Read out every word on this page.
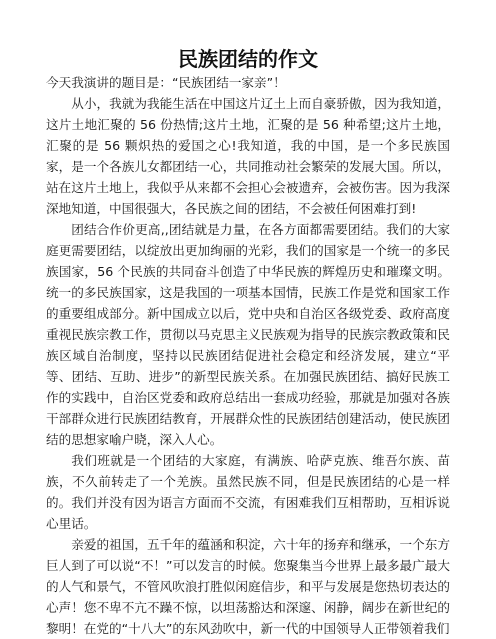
民族团结的作文

今天我演讲的题目是：“民族团结一家亲”！

从小，我就为我能生活在中国这片辽土上而自豪骄傲，因为我知道，这片土地汇聚的 56 份热情;这片土地，汇聚的是 56 种希望;这片土地，汇聚的是 56 颗炽热的爱国之心!我知道，我的中国，是一个多民族国家，是一个各族儿女都团结一心，共同推动社会繁荣的发展大国。所以，站在这片土地上，我似乎从来都不会担心会被遗弃，会被伤害。因为我深深地知道，中国很强大，各民族之间的团结，不会被任何困难打到!

团结合作价更高,,团结就是力量，在各方面都需要团结。我们的大家庭更需要团结，以绽放出更加绚丽的光彩，我们的国家是一个统一的多民族国家，56 个民族的共同奋斗创造了中华民族的辉煌历史和璀璨文明。统一的多民族国家，这是我国的一项基本国情，民族工作是党和国家工作的重要组成部分。新中国成立以后，党中央和自治区各级党委、政府高度重视民族宗教工作，贯彻以马克思主义民族观为指导的民族宗教政策和民族区域自治制度，坚持以民族团结促进社会稳定和经济发展，建立“平等、团结、互助、进步”的新型民族关系。在加强民族团结、搞好民族工作的实践中，自治区党委和政府总结出一套成功经验，那就是加强对各族干部群众进行民族团结教育，开展群众性的民族团结创建活动，使民族团结的思想家喻户晓，深入人心。

我们班就是一个团结的大家庭，有满族、哈萨克族、维吾尔族、苗族，不久前转走了一个羌族。虽然民族不同，但是民族团结的心是一样的。我们并没有因为语言方面而不交流，有困难我们互相帮助，互相诉说心里话。

亲爱的祖国，五千年的蕴涵和积淀，六十年的扬弃和继承，一个东方巨人到了可以说“不！”可以发言的时候。您聚集当今世界上最多最广最大的人气和景气，不管风吹浪打胜似闲庭信步，和平与发展是您热切表达的心声！您不卑不亢不躁不惊，以坦荡豁达和深邃、闲静，阔步在新世纪的黎明！在党的“十八大”的东风劲吹中，新一代的中国领导人正带领着我们
